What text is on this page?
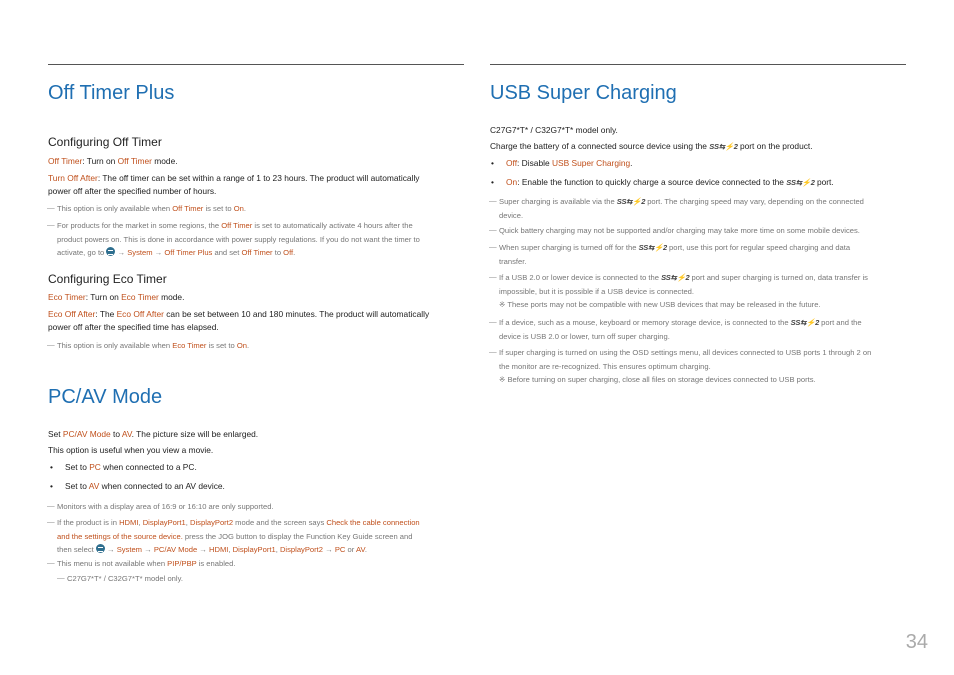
Off Timer Plus
Configuring Off Timer
Off Timer: Turn on Off Timer mode.
Turn Off After: The off timer can be set within a range of 1 to 23 hours. The product will automatically
power off after the specified number of hours.
— This option is only available when Off Timer is set to On.
— For products for the market in some regions, the Off Timer is set to automatically activate 4 hours after the
product powers on. This is done in accordance with power supply regulations. If you do not want the timer to
activate, go to  → System → Off Timer Plus and set Off Timer to Off.
Configuring Eco Timer
Eco Timer: Turn on Eco Timer mode.
Eco Off After: The Eco Off After can be set between 10 and 180 minutes. The product will automatically
power off after the specified time has elapsed.
— This option is only available when Eco Timer is set to On.
PC/AV Mode
Set PC/AV Mode to AV. The picture size will be enlarged.
This option is useful when you view a movie.
• Set to PC when connected to a PC.
• Set to AV when connected to an AV device.
— Monitors with a display area of 16:9 or 16:10 are only supported.
— If the product is in HDMI, DisplayPort1, DisplayPort2 mode and the screen says Check the cable connection
and the settings of the source device. press the JOG button to display the Function Key Guide screen and
then select  → System → PC/AV Mode → HDMI, DisplayPort1, DisplayPort2 → PC or AV.
— This menu is not available when PIP/PBP is enabled.
— C27G7*T* / C32G7*T* model only.
USB Super Charging
C27G7*T* / C32G7*T* model only.
Charge the battery of a connected source device using the SS⇆⚡2 port on the product.
• Off: Disable USB Super Charging.
• On: Enable the function to quickly charge a source device connected to the SS⇆⚡2 port.
— Super charging is available via the SS⇆⚡2 port. The charging speed may vary, depending on the connected
device.
— Quick battery charging may not be supported and/or charging may take more time on some mobile devices.
— When super charging is turned off for the SS⇆⚡2 port, use this port for regular speed charging and data
transfer.
— If a USB 2.0 or lower device is connected to the SS⇆⚡2 port and super charging is turned on, data transfer is
impossible, but it is possible if a USB device is connected.
※ These ports may not be compatible with new USB devices that may be released in the future.
— If a device, such as a mouse, keyboard or memory storage device, is connected to the SS⇆⚡2 port and the
device is USB 2.0 or lower, turn off super charging.
— If super charging is turned on using the OSD settings menu, all devices connected to USB ports 1 through 2 on
the monitor are re-recognized. This ensures optimum charging.
※ Before turning on super charging, close all files on storage devices connected to USB ports.
34
